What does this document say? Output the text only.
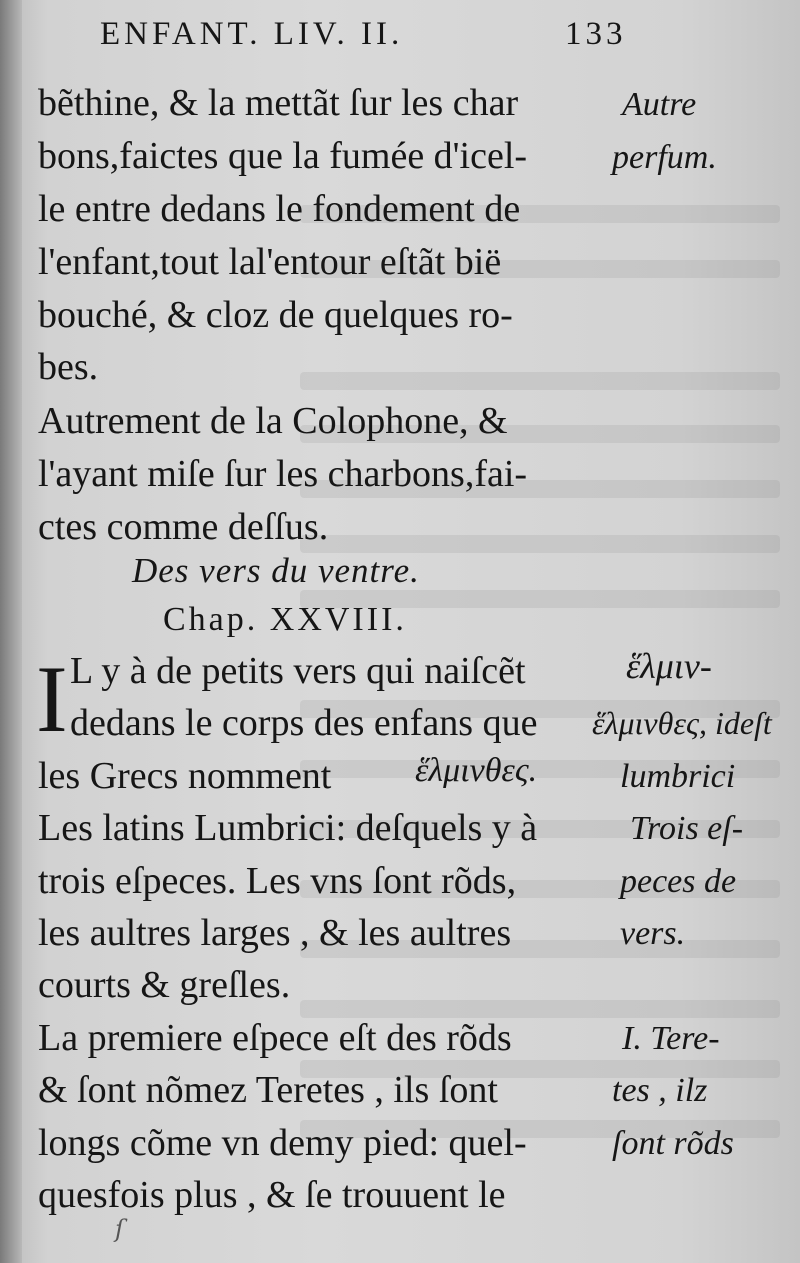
ENFANT. LIV. II.	133
bẽthine, & la mettãt ſur les char
bons,faictes que la fumée d'icel-
le entre dedans le fondement de
l'enfant,tout lal'entour eſtãt bië
bouché, & cloz de quelques ro-
bes.
Autrement de la Colophone, &
l'ayant miſe ſur les charbons,fai-
ctes comme deſſus.
Autre
perfum.
Des vers du ventre.
Chap. XXVIII.
I L y à de petits vers qui naiſcẽt
dedans le corps des enfans que
les Grecs nomment
Les latins Lumbrici: deſquels y à
trois eſpeces. Les vns ſont rõds,
les aultres larges , & les aultres
courts & greſles.
La premiere eſpece eſt des rõds
& ſont nõmez Teretes , ils ſont
longs cõme vn demy pied: quel-
quesfois plus , & ſe trouuent le
ἕλμιν-
ἕλμινθες.
ἕλμινθες, ideſt
lumbrici
Trois eſ-
peces de
vers.
I. Tere-
tes , ilz
ſont rõds
ſ
